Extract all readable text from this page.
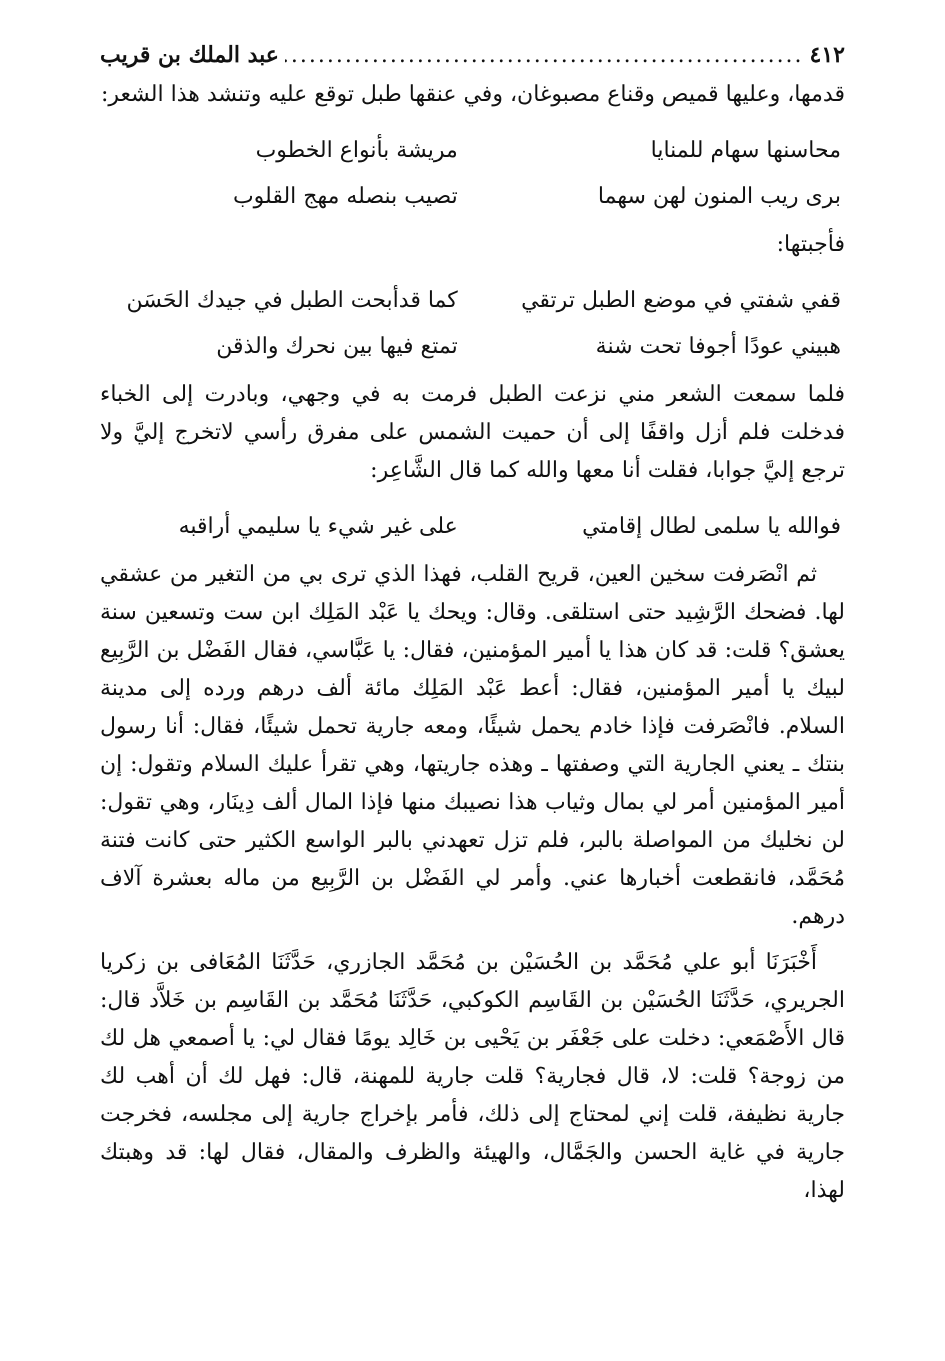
٤١٢
.....
عبد الملك بن قريب

قدمها، وعليها قميص وقناع مصبوغان، وفي عنقها طبل توقع عليه وتنشد هذا الشعر:

محاسنها سهام للمنايا
مريشة بأنواع الخطوب
برى ريب المنون لهن سهما
تصيب بنصله مهج القلوب

فأجبتها:

قفي شفتي في موضع الطبل ترتقي
كما قدأبحت الطبل في جيدك الحَسَن
هبيني عودًا أجوفا تحت شنة
تمتع فيها بين نحرك والذقن

فلما سمعت الشعر مني نزعت الطبل فرمت به في وجهي، وبادرت إلى الخباء فدخلت فلم أزل واقفًا إلى أن حميت الشمس على مفرق رأسي لاتخرج إليَّ ولا ترجع إليَّ جوابا، فقلت أنا معها والله كما قال الشَّاعِر:

فوالله يا سلمى لطال إقامتي
على غير شيء يا سليمي أراقبه

ثم انْصَرفت سخين العين، قريح القلب، فهذا الذي ترى بي من التغير من عشقي لها. فضحك الرَّشِيد حتى استلقى. وقال: ويحك يا عَبْد المَلِك ابن ست وتسعين سنة يعشق؟ قلت: قد كان هذا يا أمير المؤمنين، فقال: يا عَبَّاسي، فقال الفَضْل بن الرَّبِيع لبيك يا أمير المؤمنين، فقال: أعط عَبْد المَلِك مائة ألف درهم ورده إلى مدينة السلام. فانْصَرفت فإذا خادم يحمل شيئًا، ومعه جارية تحمل شيئًا، فقال: أنا رسول بنتك ـ يعني الجارية التي وصفتها ـ وهذه جاريتها، وهي تقرأ عليك السلام وتقول: إن أمير المؤمنين أمر لي بمال وثياب هذا نصيبك منها فإذا المال ألف دِينَار، وهي تقول: لن نخليك من المواصلة بالبر، فلم تزل تعهدني بالبر الواسع الكثير حتى كانت فتنة مُحَمَّد، فانقطعت أخبارها عني. وأمر لي الفَضْل بن الرَّبِيع من ماله بعشرة آلاف درهم.

أَخْبَرَنَا أبو علي مُحَمَّد بن الحُسَيْن بن مُحَمَّد الجازري، حَدَّثَنَا المُعَافى بن زكريا الجريري، حَدَّثَنَا الحُسَيْن بن القَاسِم الكوكبي، حَدَّثَنَا مُحَمَّد بن القَاسِم بن خَلاَّد قال: قال الأَصْمَعي: دخلت على جَعْفَر بن يَحْيى بن خَالِد يومًا فقال لي: يا أصمعي هل لك من زوجة؟ قلت: لا، قال فجارية؟ قلت جارية للمهنة، قال: فهل لك أن أهب لك جارية نظيفة، قلت إني لمحتاج إلى ذلك، فأمر بإخراج جارية إلى مجلسه، فخرجت جارية في غاية الحسن والجَمَّال، والهيئة والظرف والمقال، فقال لها: قد وهبتك لهذا،
